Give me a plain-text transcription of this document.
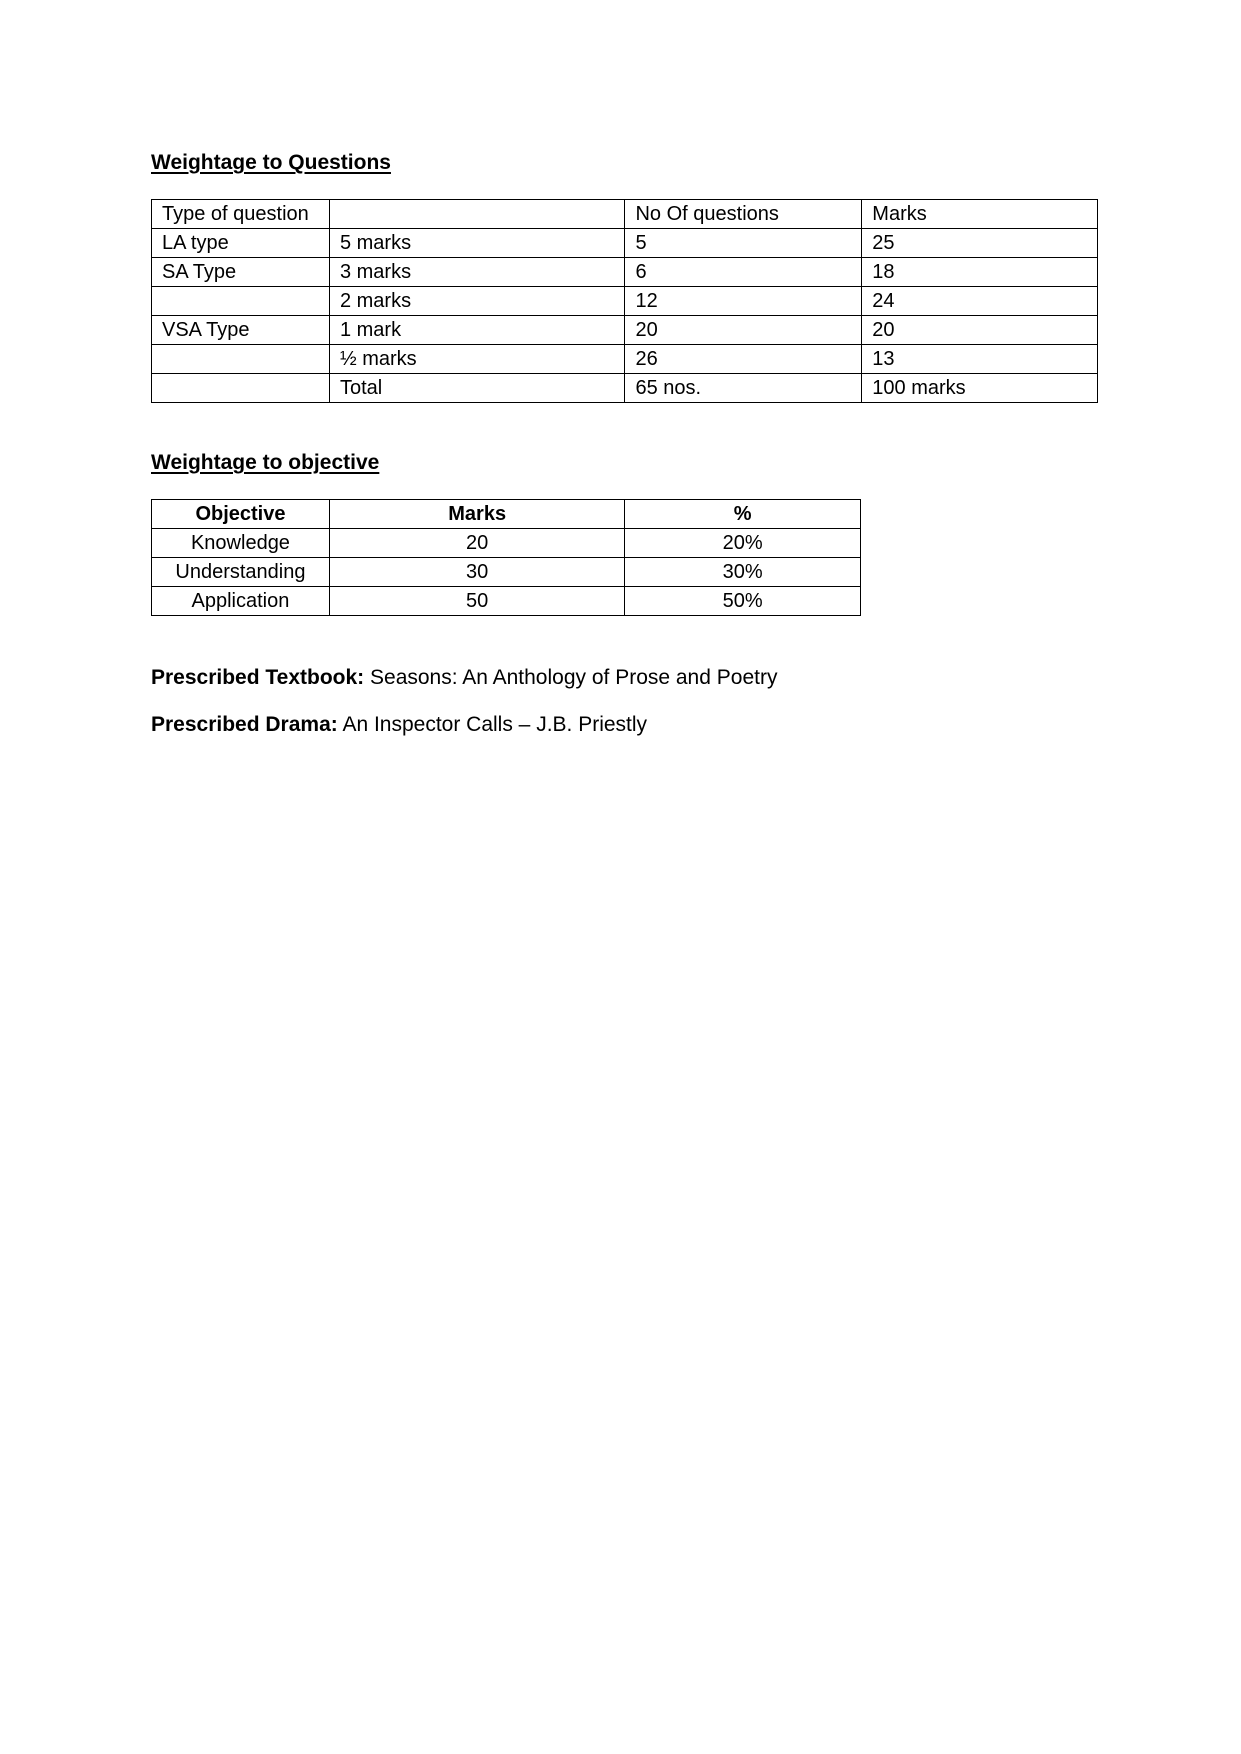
Weightage to Questions
Type of question		No Of questions	Marks
LA type	5 marks	5	25
SA Type	3 marks	6	18
	2 marks	12	24
VSA Type	1 mark	20	20
	½ marks	26	13
	Total	65 nos.	100 marks
Weightage to objective
Objective	Marks	%
Knowledge	20	20%
Understanding	30	30%
Application	50	50%

Prescribed Textbook: Seasons: An Anthology of Prose and Poetry

Prescribed Drama: An Inspector Calls – J.B. Priestly
